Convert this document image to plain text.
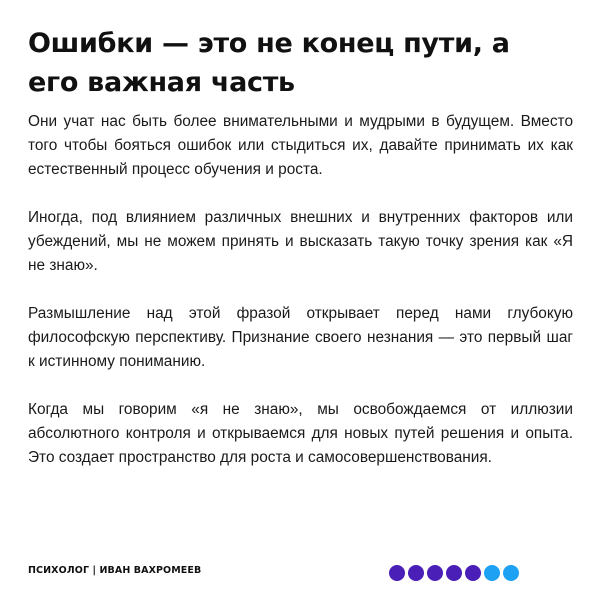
Ошибки — это не конец пути, а его важная часть

Они учат нас быть более внимательными и мудрыми в будущем. Вместо того чтобы бояться ошибок или стыдиться их, давайте принимать их как естественный процесс обучения и роста.

Иногда, под влиянием различных внешних и внутренних факторов или убеждений, мы не можем принять и высказать такую точку зрения как «Я не знаю».

Размышление над этой фразой открывает перед нами глубокую философскую перспективу. Признание своего незнания — это первый шаг к истинному пониманию.

Когда мы говорим «я не знаю», мы освобождаемся от иллюзии абсолютного контроля и открываемся для новых путей решения и опыта. Это создает пространство для роста и самосовершенствования.

ПСИХОЛОГ | ИВАН ВАХРОМЕЕВ
